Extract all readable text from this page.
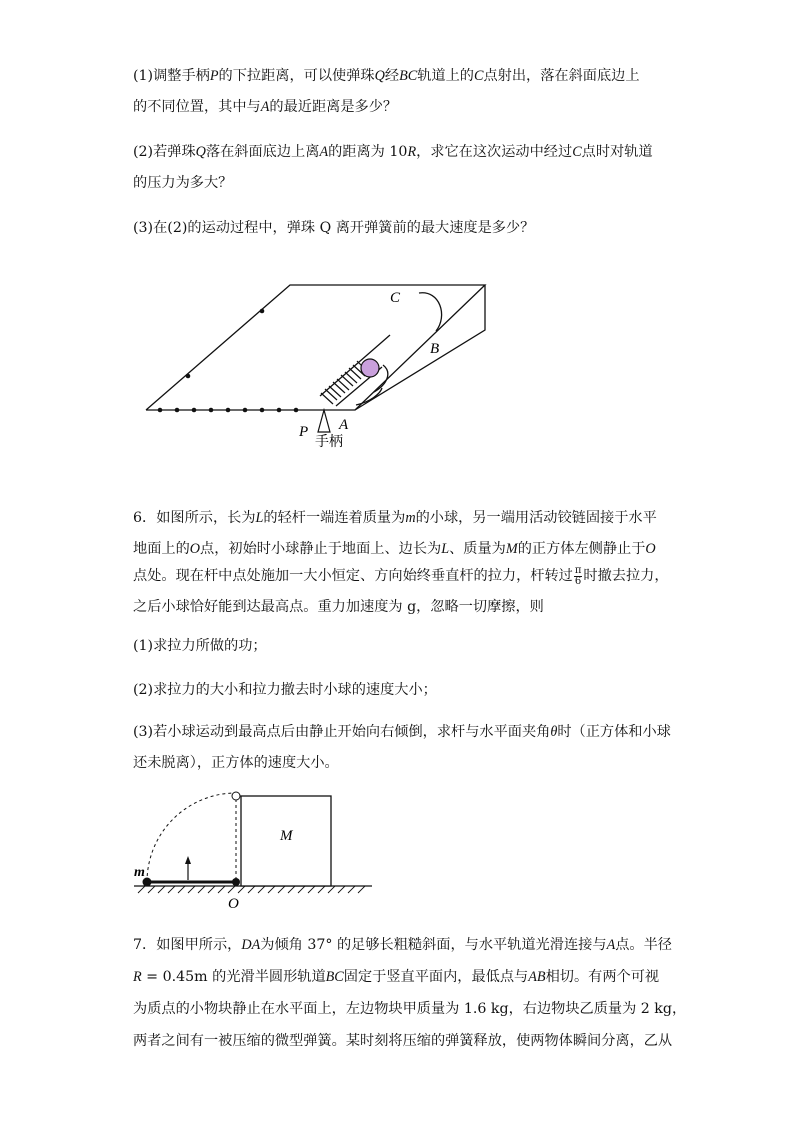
(1)调整手柄P的下拉距离，可以使弹珠Q经BC轨道上的C点射出，落在斜面底边上
的不同位置，其中与A的最近距离是多少？
(2)若弹珠Q落在斜面底边上离A的距离为 10R，求它在这次运动中经过C点时对轨道
的压力为多大？
(3)在(2)的运动过程中，弹珠 Q 离开弹簧前的最大速度是多少？
C
B
P A
手柄
6．如图所示，长为L的轻杆一端连着质量为m的小球，另一端用活动铰链固接于水平
地面上的O点，初始时小球静止于地面上、边长为L、质量为M的正方体左侧静止于O
点处。现在杆中点处施加一大小恒定、方向始终垂直杆的拉力，杆转过 $\frac{\pi}{6}$ 时撤去拉力，
之后小球恰好能到达最高点。重力加速度为 g，忽略一切摩擦，则
(1)求拉力所做的功；
(2)求拉力的大小和拉力撤去时小球的速度大小；
(3)若小球运动到最高点后由静止开始向右倾倒，求杆与水平面夹角θ时（正方体和小球
还未脱离），正方体的速度大小。
m
M
O
7．如图甲所示，DA为倾角 37° 的足够长粗糙斜面，与水平轨道光滑连接与A点。半径
R = 0.45m 的光滑半圆形轨道BC固定于竖直平面内，最低点与AB相切。有两个可视
为质点的小物块静止在水平面上，左边物块甲质量为 1.6 kg，右边物块乙质量为 2 kg，
两者之间有一被压缩的微型弹簧。某时刻将压缩的弹簧释放，使两物体瞬间分离，乙从
